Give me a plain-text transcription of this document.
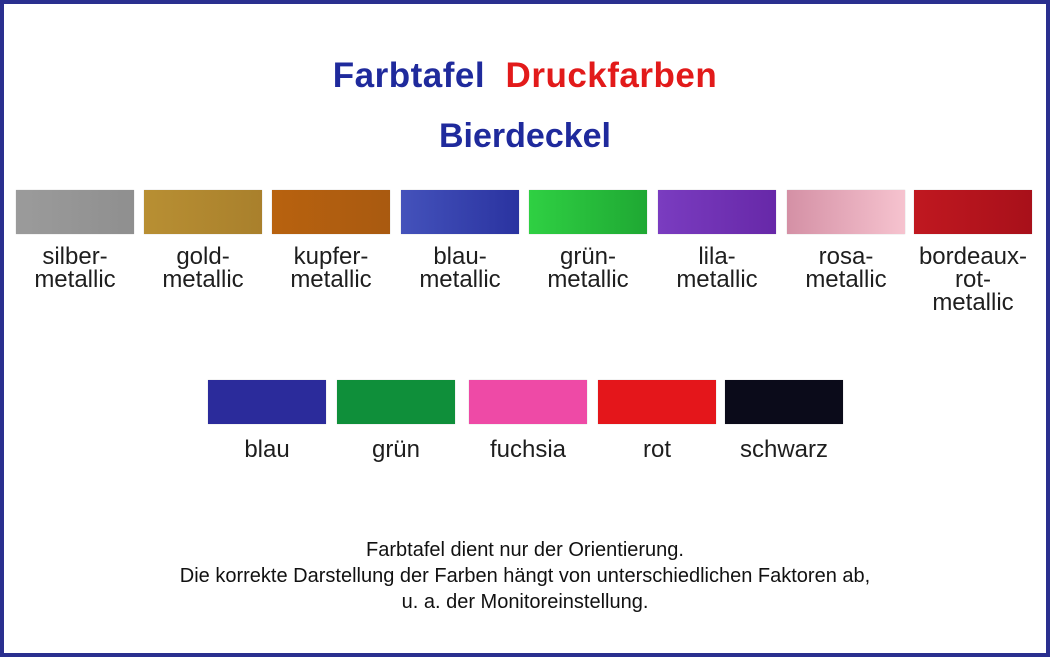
Farbtafel Druckfarben
Bierdeckel
silber-
metallic
gold-
metallic
kupfer-
metallic
blau-
metallic
grün-
metallic
lila-
metallic
rosa-
metallic
bordeaux-
rot-
metallic
blau	grün	fuchsia	rot	schwarz
Farbtafel dient nur der Orientierung.
Die korrekte Darstellung der Farben hängt von unterschiedlichen Faktoren ab,
u. a. der Monitoreinstellung.
